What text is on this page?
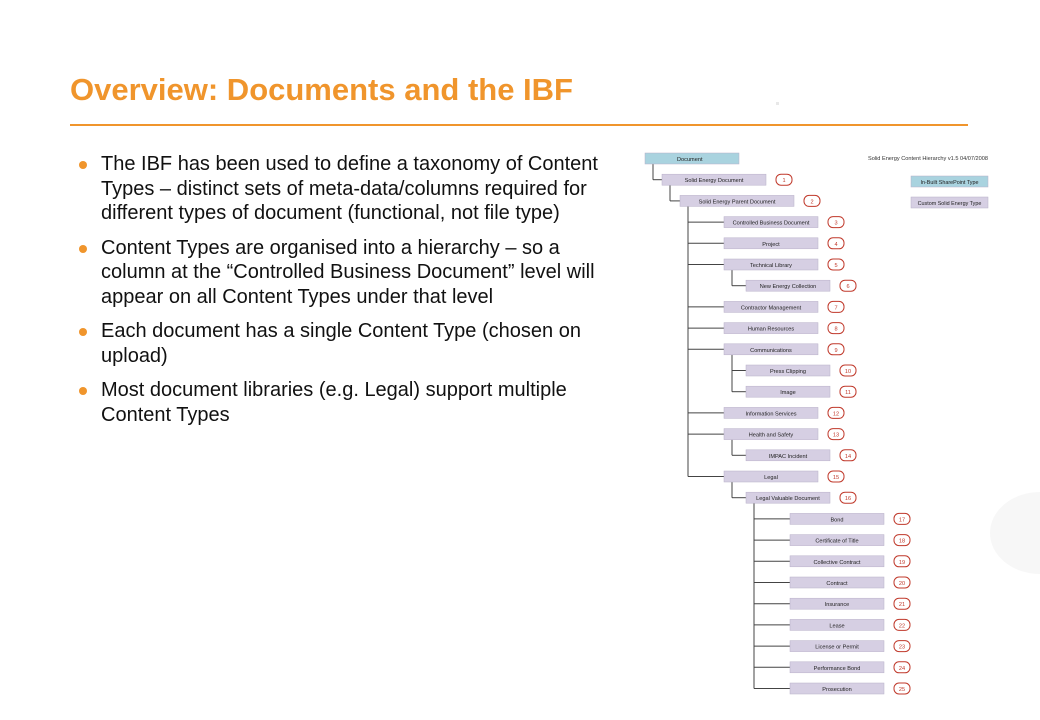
Overview: Documents and the IBF
The IBF has been used to define a taxonomy of Content Types – distinct sets of meta-data/columns required for different types of document (functional, not file type)
Content Types are organised into a hierarchy – so a column at the “Controlled Business Document” level will appear on all Content Types under that level
Each document has a single Content Type (chosen on upload)
Most document libraries (e.g. Legal) support multiple Content Types
Document
Solid Energy Document	1
Solid Energy Parent Document	2
Controlled Business Document	3
Project	4
Technical Library	5
New Energy Collection	6
Contractor Management	7
Human Resources	8
Communications	9
Press Clipping	10
Image	11
Information Services	12
Health and Safety	13
IMPAC Incident	14
Legal	15
Legal Valuable Document	16
Bond	17
Certificate of Title	18
Collective Contract	19
Contract	20
Insurance	21
Lease	22
License or Permit	23
Performance Bond	24
Prosecution	25
Solid Energy Content Hierarchy v1.5 04/07/2008
In-Built SharePoint Type
Custom Solid Energy Type
